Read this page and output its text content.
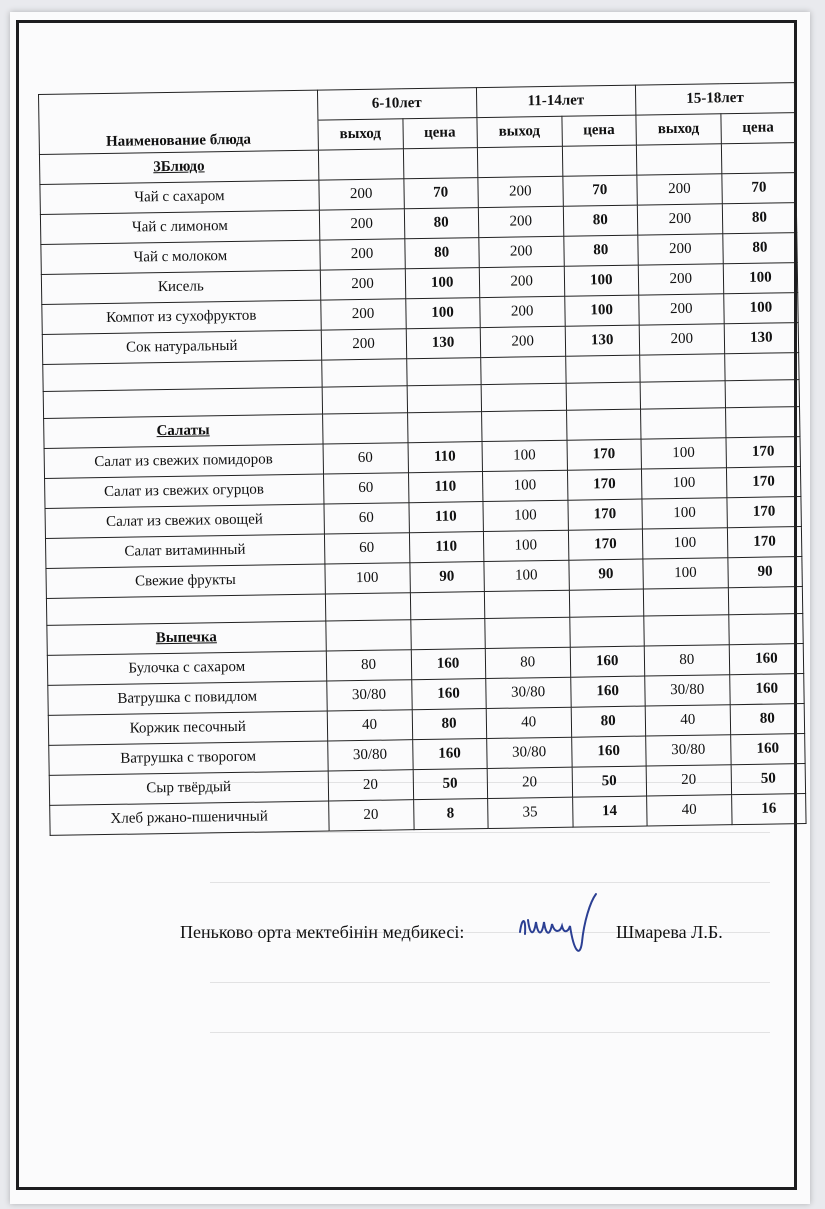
	6-10лет		11-14лет		15-18лет	
Наименование блюда	выход	цена	выход	цена	выход	цена
3Блюдо						
Чай с сахаром	200	70	200	70	200	70
Чай с лимоном	200	80	200	80	200	80
Чай с молоком	200	80	200	80	200	80
Кисель	200	100	200	100	200	100
Компот из сухофруктов	200	100	200	100	200	100
Сок натуральный	200	130	200	130	200	130

Салаты						
Салат из свежих помидоров	60	110	100	170	100	170
Салат из свежих огурцов	60	110	100	170	100	170
Салат из свежих овощей	60	110	100	170	100	170
Салат витаминный	60	110	100	170	100	170
Свежие фрукты	100	90	100	90	100	90

Выпечка						
Булочка с сахаром	80	160	80	160	80	160
Ватрушка с повидлом	30/80	160	30/80	160	30/80	160
Коржик песочный	40	80	40	80	40	80
Ватрушка с творогом	30/80	160	30/80	160	30/80	160
Сыр твёрдый	20	50	20	50	20	50
Хлеб ржано-пшеничный	20	8	35	14	40	16
Пеньково орта мектебінін медбикесі:	Шмарева Л.Б.
